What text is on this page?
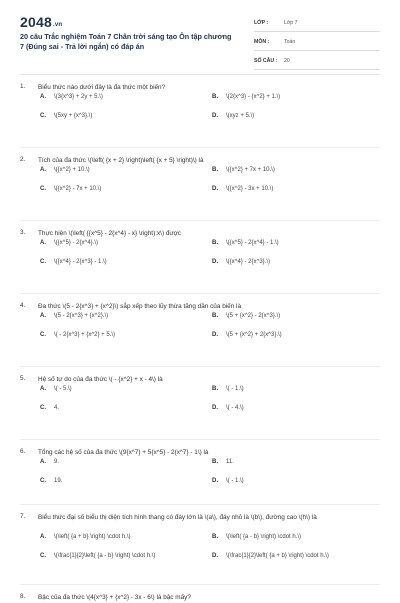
2048.vn
20 câu Trắc nghiệm Toán 7 Chân trời sáng tạo Ôn tập chương 7 (Đúng sai - Trả lời ngắn) có đáp án
LỚP :	Lớp 7
MÔN :	Toán
SỐ CÂU : 20
1. Biểu thức nào dưới đây là đa thức một biến?
A. \(3{x^3} + 2y + 5.\)	B. \(2{x^3} - {x^2} + 1.\)
C. \(5xy + {x^3}.\)	D. \(xyz + 5.\)
2. Tích của đa thức \(\left( {x + 2} \right)\left( {x + 5} \right)\) là
A. \({x^2} + 10.\)	B. \({x^2} + 7x + 10.\)
C. \({x^2} - 7x + 10.\)	D. \({x^2} - 3x + 10.\)
3. Thực hiện \(\left( {{x^5} - 2{x^4} - x} \right):x\) được
A. \({x^5} - 2{x^4}.\)	B. \({x^5} - 2{x^4} - 1.\)
C. \({x^4} - 2{x^3} - 1.\)	D. \({x^4} - 2{x^3}.\)
4. Đa thức \(5 - 2{x^3} + {x^2}\) sắp xếp theo lũy thừa tăng dần của biến là
A. \(5 - 2{x^3} + {x^2}.\)	B. \(5 + {x^2} - 2{x^3}.\)
C. \( - 2{x^3} + {x^2} + 5.\)	D. \(5 + {x^2} + 2{x^3}.\)
5. Hệ số tự do của đa thức \( - {x^2} + x - 4\) là
A. \( - 5.\)	B. \( - 1.\)
C. 4.	D. \( - 4.\)
6. Tổng các hệ số của đa thức \(9{x^7} + 5{x^5} - 2{x^7} - 1\) là
A. 9.	B. 11.
C. 19.	D. \( - 1.\)
7. Biểu thức đại số biểu thị diện tích hình thang có đáy lớn là \(a\), đáy nhỏ là \(b\), đường cao \(h\) là
A. \(\left( {a + b} \right) \cdot h.\)	B. \(\left( {a - b} \right) \cdot h.\)
C. \(\frac{1}{2}\left( {a - b} \right) \cdot h.\)	D. \(\frac{1}{2}\left( {a + b} \right) \cdot h.\)
8. Bậc của đa thức \(4{x^3} + {x^2} - 3x - 6\) là bậc mấy?
